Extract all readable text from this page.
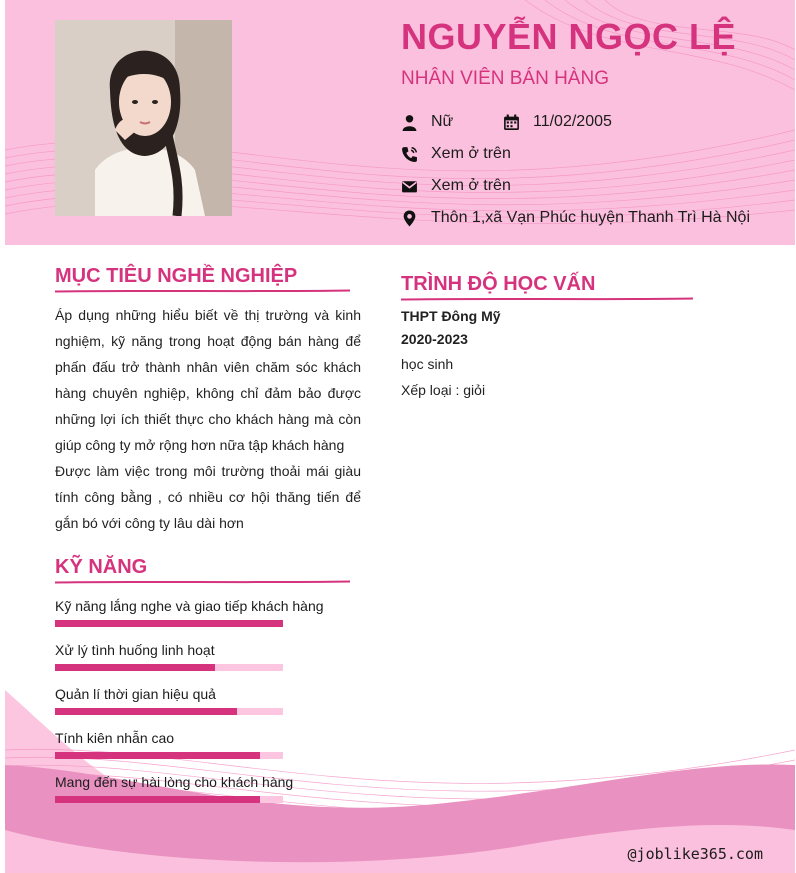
NGUYỄN NGỌC LỆ
NHÂN VIÊN BÁN HÀNG
Nữ	11/02/2005
Xem ở trên
Xem ở trên
Thôn 1,xã Vạn Phúc huyện Thanh Trì Hà Nội
MỤC TIÊU NGHỀ NGHIỆP

Áp dụng những hiểu biết về thị trường và kinh nghiệm, kỹ năng trong hoạt động bán hàng để phấn đấu trở thành nhân viên chăm sóc khách hàng chuyên nghiệp, không chỉ đảm bảo được những lợi ích thiết thực cho khách hàng mà còn giúp công ty mở rộng hơn nữa tập khách hàng

Được làm việc trong môi trường thoải mái giàu tính công bằng , có nhiều cơ hội thăng tiến để gắn bó với công ty lâu dài hơn

KỸ NĂNG
Kỹ năng lắng nghe và giao tiếp khách hàng
Xử lý tình huống linh hoạt
Quản lí thời gian hiệu quả
Tính kiên nhẫn cao
Mang đến sự hài lòng cho khách hàng
TRÌNH ĐỘ HỌC VẤN
THPT Đông Mỹ
2020-2023
học sinh
Xếp loại : giỏi
@joblike365.com
